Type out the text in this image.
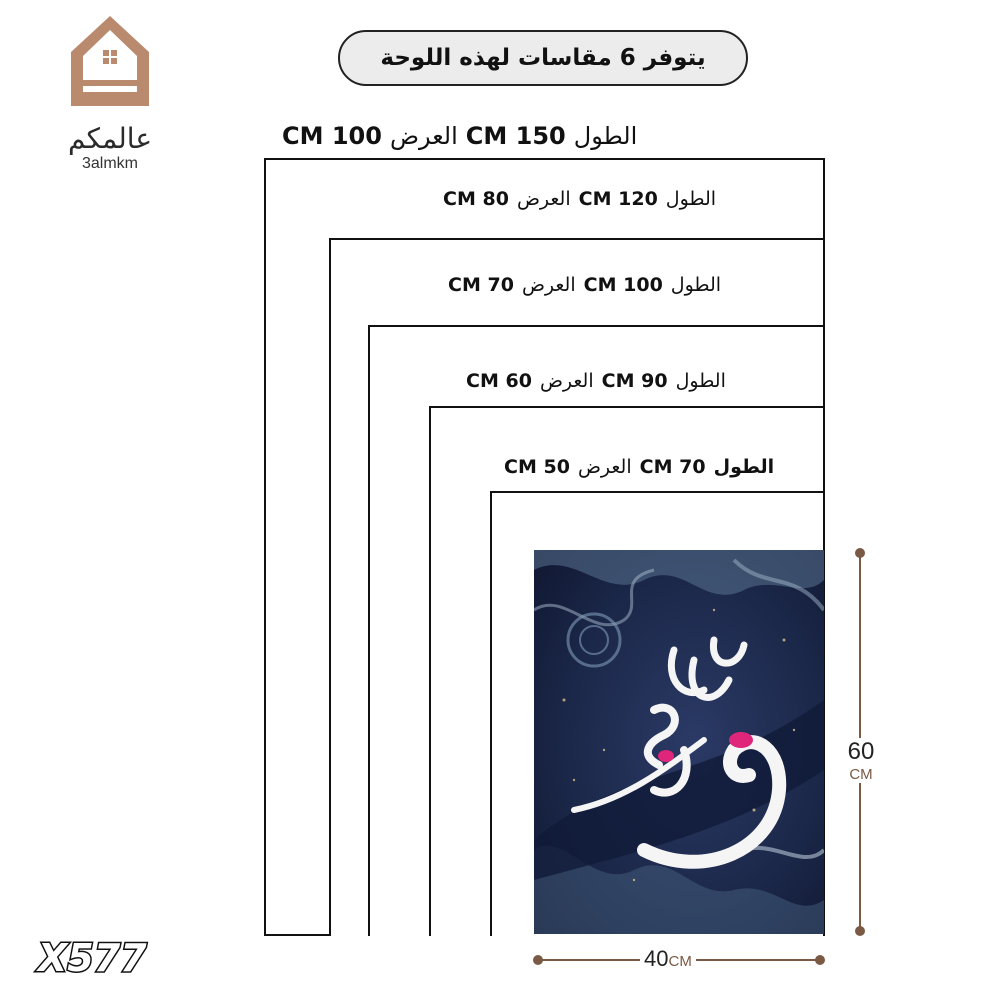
عالمكم
3almkm
يتوفر 6 مقاسات لهذه اللوحة
الطول150 CMالعرض100 CM
الطول120 CMالعرض80 CM
الطول100 CMالعرض70 CM
الطول90 CMالعرض60 CM
الطول70 CMالعرض50 CM
40CM
60
CM
X577
